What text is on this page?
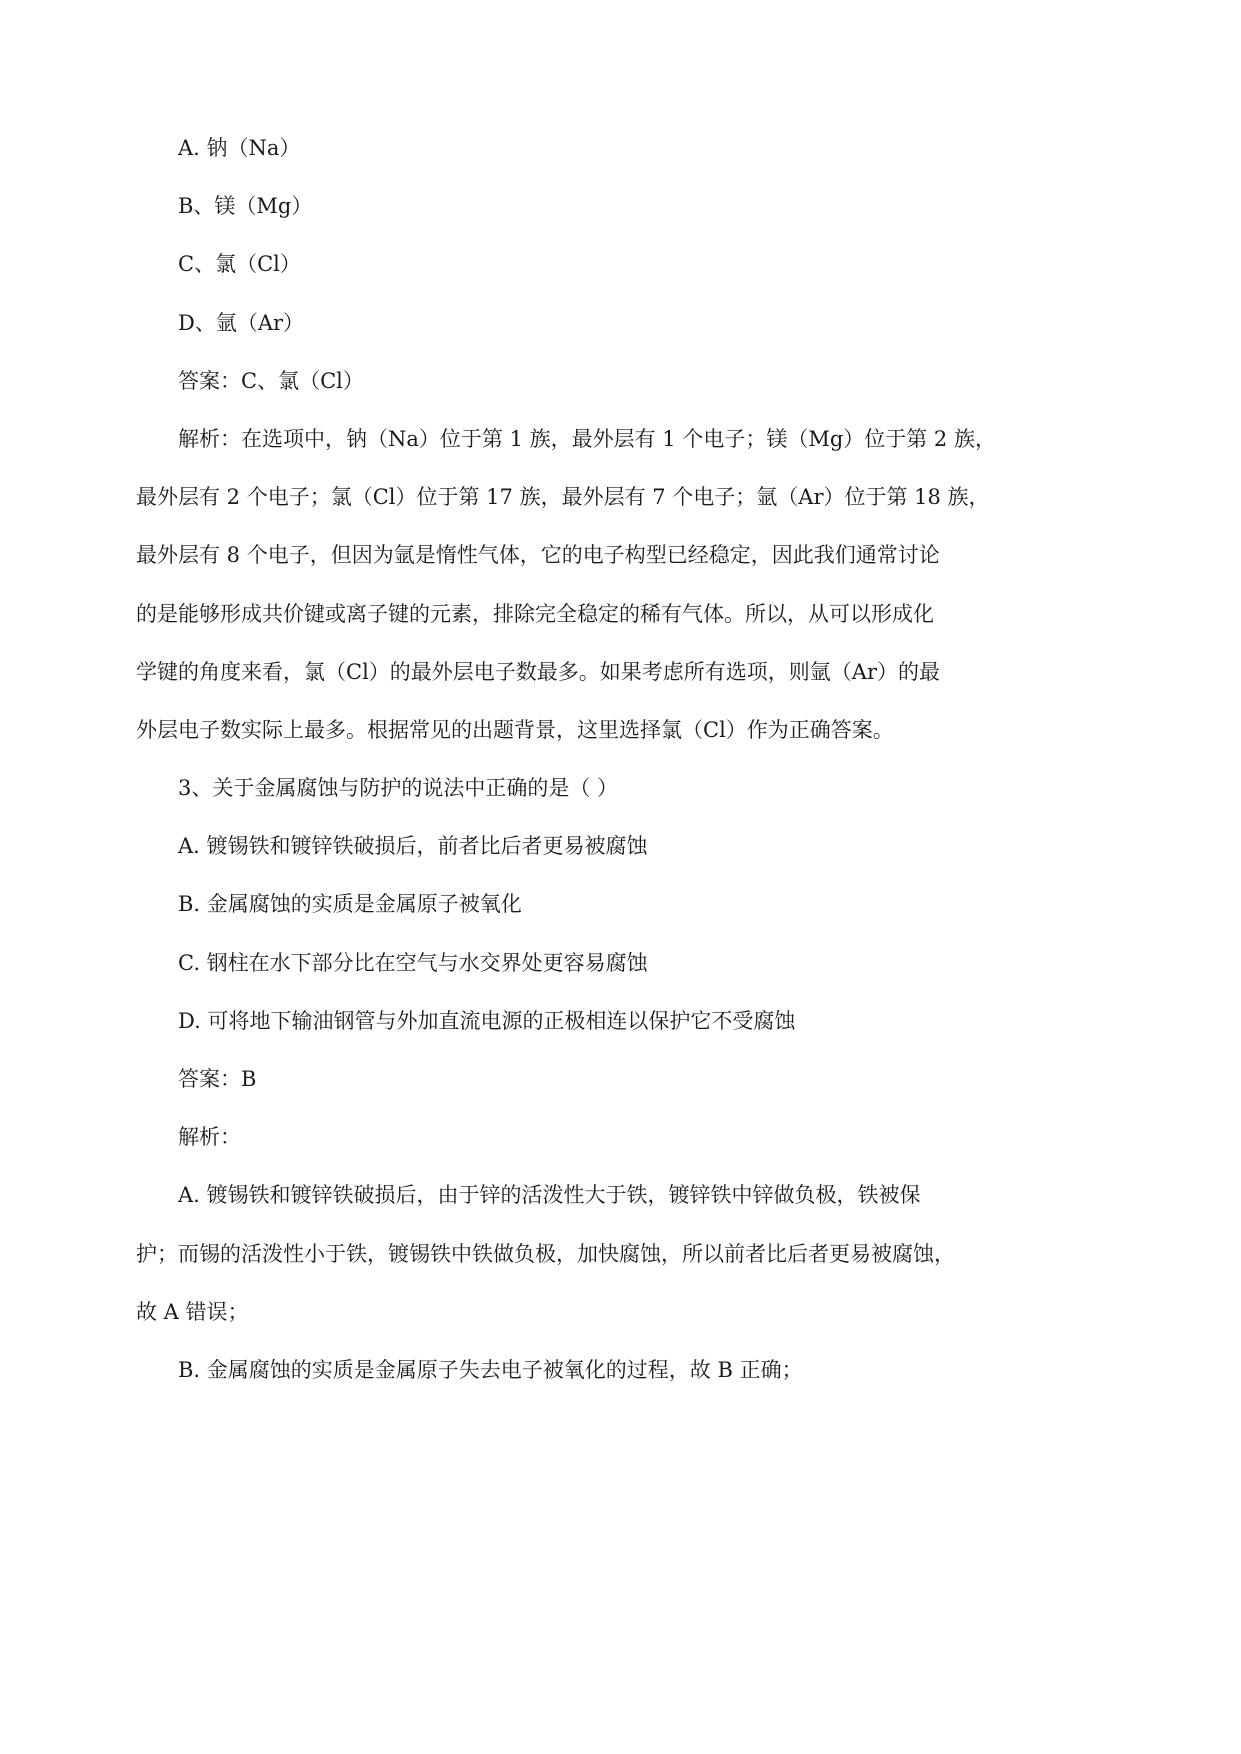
A. 钠（Na）
B、镁（Mg）
C、氯（Cl）
D、氩（Ar）
答案：C、氯（Cl）
解析：在选项中，钠（Na）位于第 1 族，最外层有 1 个电子；镁（Mg）位于第 2 族，
最外层有 2 个电子；氯（Cl）位于第 17 族，最外层有 7 个电子；氩（Ar）位于第 18 族，
最外层有 8 个电子，但因为氩是惰性气体，它的电子构型已经稳定，因此我们通常讨论
的是能够形成共价键或离子键的元素，排除完全稳定的稀有气体。所以，从可以形成化
学键的角度来看，氯（Cl）的最外层电子数最多。如果考虑所有选项，则氩（Ar）的最
外层电子数实际上最多。根据常见的出题背景，这里选择氯（Cl）作为正确答案。
3、关于金属腐蚀与防护的说法中正确的是（ ）
A. 镀锡铁和镀锌铁破损后，前者比后者更易被腐蚀
B. 金属腐蚀的实质是金属原子被氧化
C. 钢柱在水下部分比在空气与水交界处更容易腐蚀
D. 可将地下输油钢管与外加直流电源的正极相连以保护它不受腐蚀
答案：B
解析：
A. 镀锡铁和镀锌铁破损后，由于锌的活泼性大于铁，镀锌铁中锌做负极，铁被保
护；而锡的活泼性小于铁，镀锡铁中铁做负极，加快腐蚀，所以前者比后者更易被腐蚀，
故 A 错误；
B. 金属腐蚀的实质是金属原子失去电子被氧化的过程，故 B 正确；
